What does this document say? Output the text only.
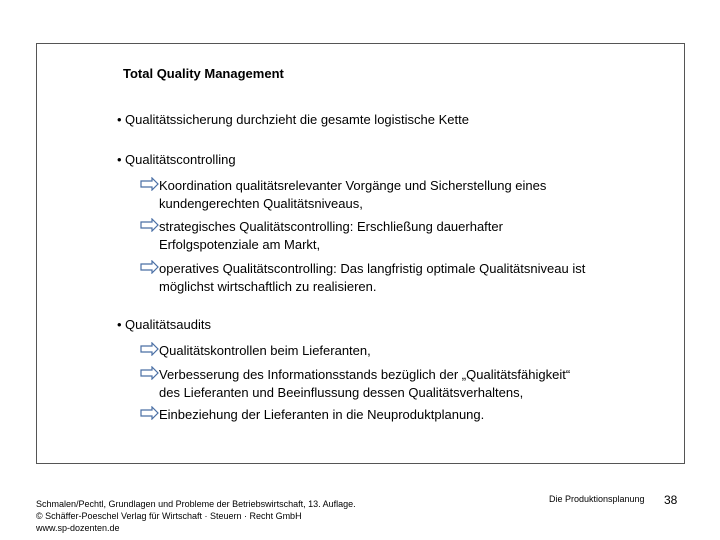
Total Quality Management
• Qualitätssicherung durchzieht die gesamte logistische Kette
• Qualitätscontrolling
Koordination qualitätsrelevanter Vorgänge und Sicherstellung eines
kundengerechten Qualitätsniveaus,
strategisches Qualitätscontrolling: Erschließung dauerhafter
Erfolgspotenziale am Markt,
operatives Qualitätscontrolling: Das langfristig optimale Qualitätsniveau ist
möglichst wirtschaftlich zu realisieren.
• Qualitätsaudits
Qualitätskontrollen beim Lieferanten,
Verbesserung des Informationsstands bezüglich der „Qualitätsfähigkeit“
des Lieferanten und Beeinflussung dessen Qualitätsverhaltens,
Einbeziehung der Lieferanten in die Neuproduktplanung.
Schmalen/Pechtl, Grundlagen und Probleme der Betriebswirtschaft, 13. Auflage.
© Schäffer-Poeschel Verlag für Wirtschaft · Steuern · Recht GmbH
www.sp-dozenten.de
Die Produktionsplanung 38
